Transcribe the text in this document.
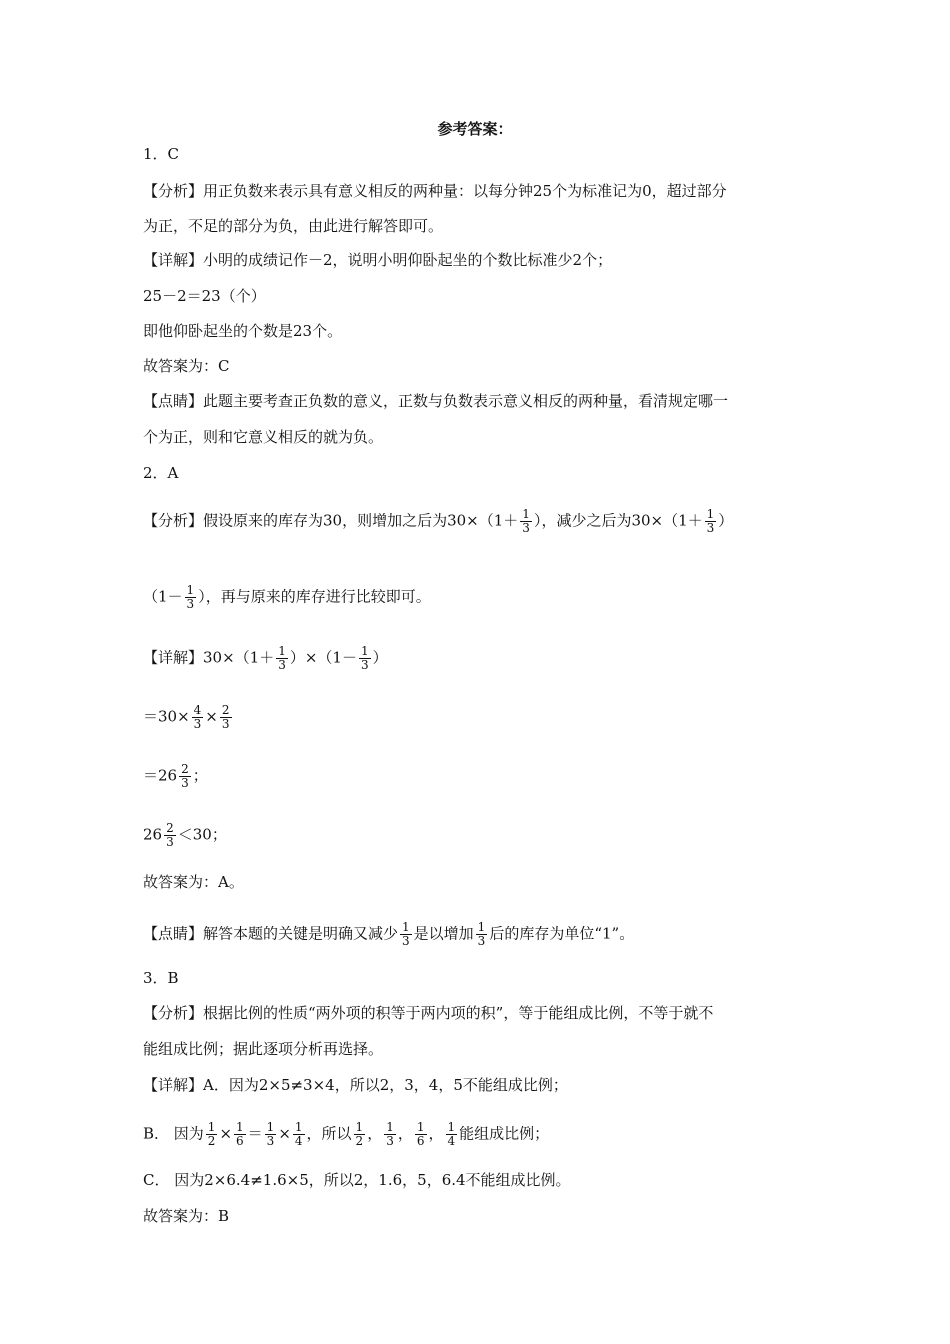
参考答案：
1．C
【分析】用正负数来表示具有意义相反的两种量：以每分钟25个为标准记为0，超过部分
为正，不足的部分为负，由此进行解答即可。
【详解】小明的成绩记作－2，说明小明仰卧起坐的个数比标准少2个；
25－2＝23（个）
即他仰卧起坐的个数是23个。
故答案为：C
【点睛】此题主要考查正负数的意义，正数与负数表示意义相反的两种量，看清规定哪一
个为正，则和它意义相反的就为负。
2．A
【分析】假设原来的库存为30，则增加之后为$30\times(1+ \frac{1}{3}$ ），减少之后为$30\times(1+ \frac{1}{3}$ ）
（$1- \frac{1}{3}$ ），再与原来的库存进行比较即可。
【详解】$30\times(1+ \frac{1}{3} )\times(1- \frac{1}{3}$ ）
$=30\times \frac{4}{3} \times \frac{2}{3}$
$=26 \frac{2}{3}$ ；
$26 \frac{2}{3} <30$；
故答案为：A。
【点睛】解答本题的关键是明确又减少 $\frac{1}{3}$ 是以增加 $\frac{1}{3}$ 后的库存为单位“1”。
3．B
【分析】根据比例的性质“两外项的积等于两内项的积”，等于能组成比例，不等于就不
能组成比例；据此逐项分析再选择。
【详解】A．因为2×5≠3×4，所以2，3，4，5不能组成比例；
B． 因为 $\frac{1}{2} \times \frac{1}{6} = \frac{1}{3} \times \frac{1}{4}$ ，所以 $\frac{1}{2}$ ， $\frac{1}{3}$ ， $\frac{1}{6}$ ， $\frac{1}{4}$ 能组成比例；
C． 因为2×6.4≠1.6×5，所以2，1.6，5，6.4不能组成比例。
故答案为：B
